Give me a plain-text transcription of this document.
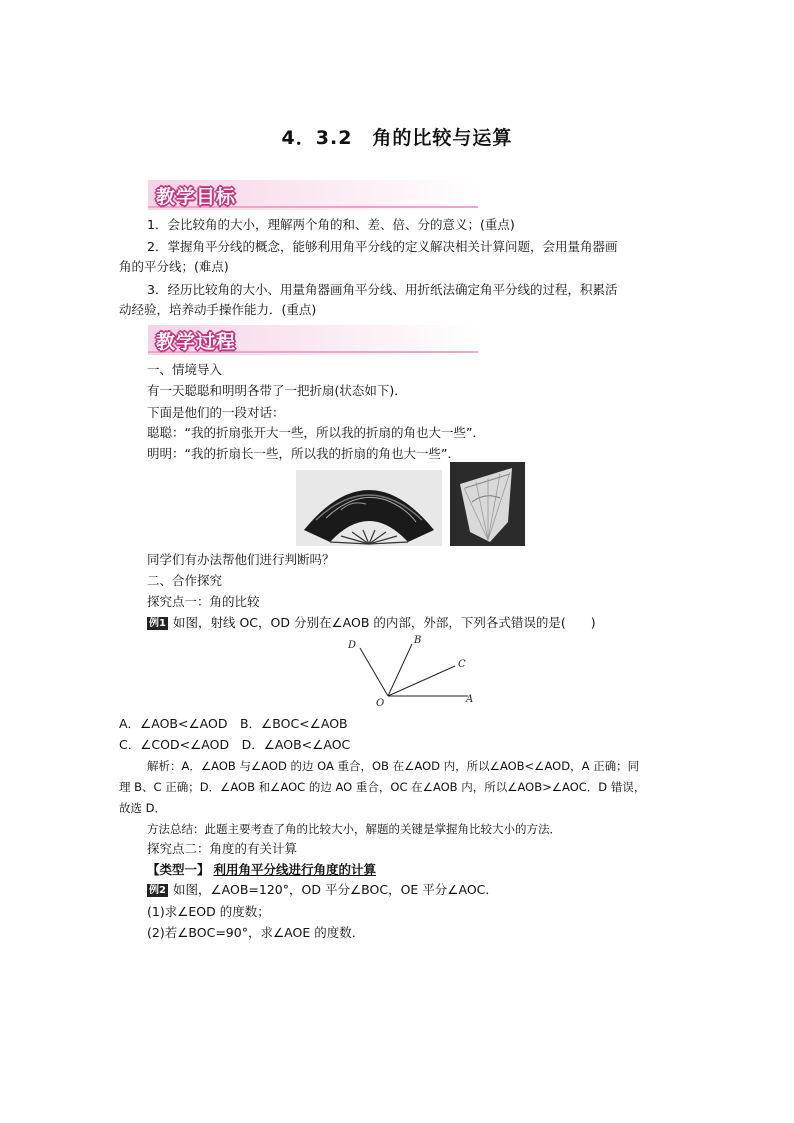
4．3.2　角的比较与运算
教学目标
1．会比较角的大小，理解两个角的和、差、倍、分的意义；(重点)
2．掌握角平分线的概念，能够利用角平分线的定义解决相关计算问题，会用量角器画
角的平分线；(难点)
3．经历比较角的大小、用量角器画角平分线、用折纸法确定角平分线的过程，积累活
动经验，培养动手操作能力．(重点)
教学过程
一、情境导入
有一天聪聪和明明各带了一把折扇(状态如下)．
下面是他们的一段对话：
聪聪：“我的折扇张开大一些，所以我的折扇的角也大一些”．
明明：“我的折扇长一些，所以我的折扇的角也大一些”．
同学们有办法帮他们进行判断吗？
二、合作探究
探究点一：角的比较
例1 如图，射线 OC，OD 分别在∠AOB 的内部，外部，下列各式错误的是(　　)
D	B
C
O	A
A．∠AOB<∠AOD　B．∠BOC<∠AOB
C．∠COD<∠AOD　D．∠AOB<∠AOC
解析：A．∠AOB 与∠AOD 的边 OA 重合，OB 在∠AOD 内，所以∠AOB<∠AOD，A 正确；同
理 B、C 正确；D．∠AOB 和∠AOC 的边 AO 重合，OC 在∠AOB 内，所以∠AOB>∠AOC．D 错误，
故选 D．
方法总结：此题主要考查了角的比较大小，解题的关键是掌握角比较大小的方法．
探究点二：角度的有关计算
【类型一】 利用角平分线进行角度的计算
例2 如图，∠AOB=120°，OD 平分∠BOC，OE 平分∠AOC．
(1)求∠EOD 的度数；
(2)若∠BOC=90°，求∠AOE 的度数．
